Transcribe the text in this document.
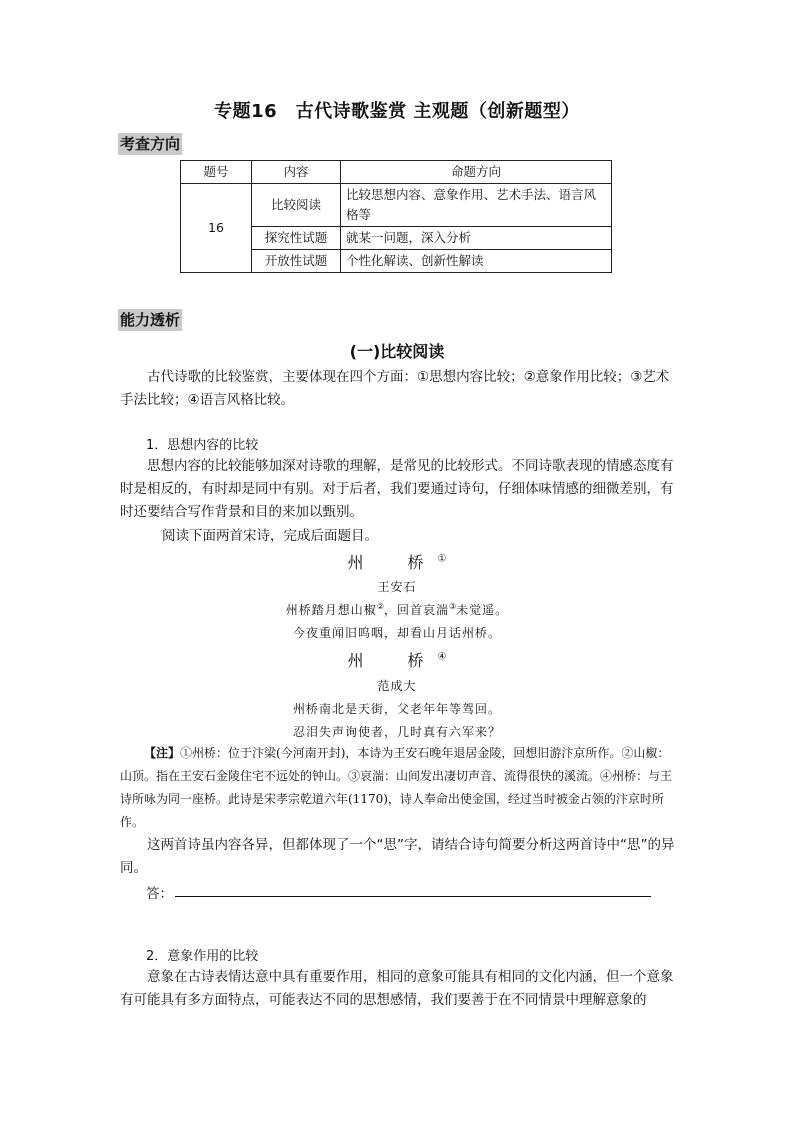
专题16　古代诗歌鉴赏 主观题（创新题型）
考查方向
题号	内容	命题方向
16	比较阅读	比较思想内容、意象作用、艺术手法、语言风格等
	探究性试题	就某一问题，深入分析
	开放性试题	个性化解读、创新性解读
能力透析
(一)比较阅读

古代诗歌的比较鉴赏，主要体现在四个方面：①思想内容比较；②意象作用比较；③艺术手法比较；④语言风格比较。

1．思想内容的比较

思想内容的比较能够加深对诗歌的理解，是常见的比较形式。不同诗歌表现的情感态度有时是相反的，有时却是同中有别。对于后者，我们要通过诗句，仔细体味情感的细微差别，有时还要结合写作背景和目的来加以甄别。

阅读下面两首宋诗，完成后面题目。
州　桥①
王安石
州桥踏月想山椒②，回首哀湍③未觉遥。
今夜重闻旧呜咽，却看山月话州桥。
州　桥④
范成大
州桥南北是天街，父老年年等驾回。
忍泪失声询使者，几时真有六军来？

【注】①州桥：位于汴梁(今河南开封)，本诗为王安石晚年退居金陵，回想旧游汴京所作。②山椒：山顶。指在王安石金陵住宅不远处的钟山。③哀湍：山间发出凄切声音、流得很快的溪流。④州桥：与王诗所咏为同一座桥。此诗是宋孝宗乾道六年(1170)，诗人奉命出使金国，经过当时被金占领的汴京时所作。

这两首诗虽内容各异，但都体现了一个“思”字，请结合诗句简要分析这两首诗中“思”的异同。

答：
2．意象作用的比较

意象在古诗表情达意中具有重要作用，相同的意象可能具有相同的文化内涵，但一个意象有可能具有多方面特点，可能表达不同的思想感情，我们要善于在不同情景中理解意象的
